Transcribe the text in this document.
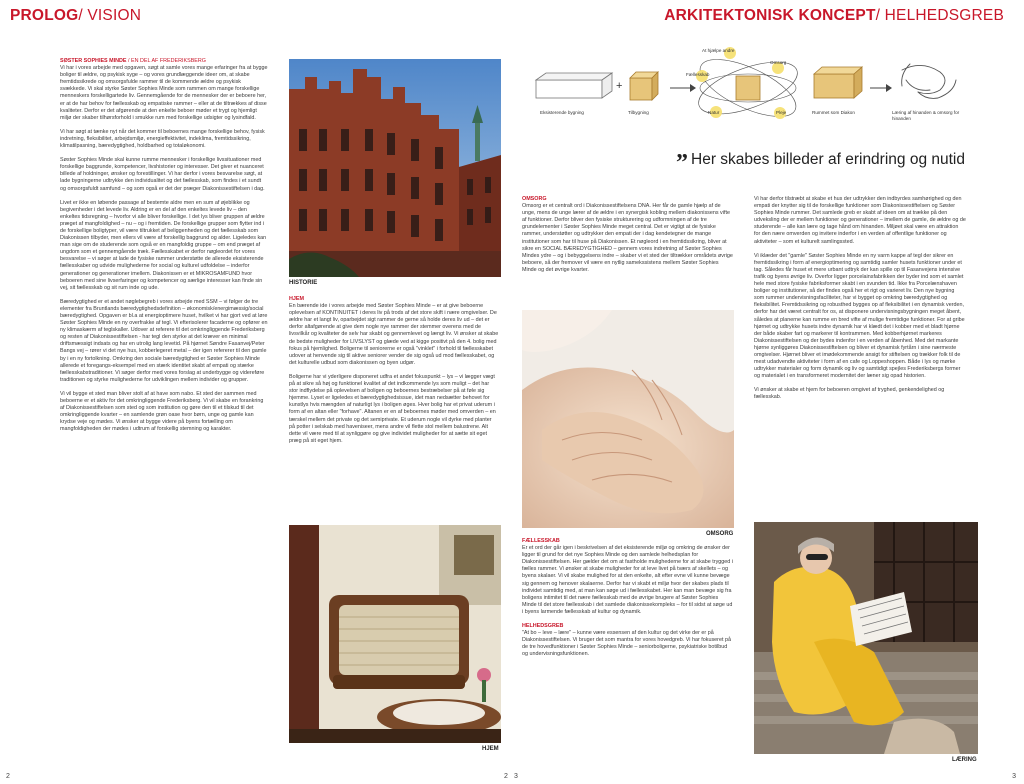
PROLOG/ VISION	ARKITEKTONISK KONCEPT/ HELHEDSGREB

SØSTER SOPHIES MINDE / EN DEL AF FREDERIKSBERG
Vi har i vores arbejde med opgaven, søgt at samle vores mange erfaringer fra at bygge boliger til ældre, og psykisk syge – og vores grundlæggende ideer om, at skabe fremtidssikrede og omsorgsfulde rammer til de kommende ældre og psykisk svækkede. Vi skal styrke Søster Sophies Minde som rammen om mange forskellige menneskers forskelligartede liv. Gennemgående for de mennesker der er beboere her, er at de har behov for fællesskab og empatiske rammer – eller at de tiltrækkes af disse kvaliteter. Derfor er det afgørende at den enkelte beboer møder et trygt og hjemligt miljø der skaber tilhørsforhold i smukke rum med forskellige udsigter og lysindfald.

Vi har søgt at tænke nyt når det kommer til beboernes mange forskellige behov, fysisk indretning, fleksibilitet, arbejdsmiljø, energieffektivitet, indeklima, fremtidssikring, klimatilpasning, bæredygtighed, holdbarhed og totaløkonomi.

Søster Sophies Minde skal kunne rumme mennesker i forskellige livssituationer med forskellige baggrunde, kompetencer, livshistorier og interesser. Det giver et nuanceret billede af holdninger, ønsker og forestillinger. Vi har derfor i vores besvarelse søgt, at lade bygningerne udtrykke den individualitet og det fællesskab, som findes i et sundt og omsorgsfuldt samfund – og som også er det der præger Diakonissestiftelsen i dag.

Livet er ikke en løbende passage af bestemte aldre men en sum af øjeblikke og begivenheder i det levede liv. Aldring er en del af den enkeltes levede liv – den enkeltes tidsregning – hvorfor vi alle bliver forskellige. I det lys bliver gruppen af ældre præget af mangfoldighed – nu – og i fremtiden. De forskellige grupper som flytter ind i de forskellige boligtyper, vil være tiltrukket af beliggenheden og det fællesskab som Diakonissen tilbyder, men ellers vil være af forskellig baggrund og alder. Ligeledes kan man sige om de studerende som også er en mangfoldig gruppe – om end præget af ungdom som et gennemgående træk. Fællesskabet er derfor nøgleordet for vores besvarelse – vi søger at lade de fysiske rammer understøtte de allerede eksisterende fællesskaber og udvide mulighederne for social og kulturel udfoldelse – inderfor generationer og generationer imellem. Diakonissen er et MIKROSAMFUND hvor beboeren med sine livserfaringer og kompetencer og særlige interesser kan finde sin vej, sit fællesskab og sit rum inde og ude.

Bæredygtighed er et andet nøglebegreb i vores arbejde med SSM – vi følger de tre elementer fra Bruntlands bæredygtighedsdefinition – økonomisk/energimæssig/social bæredygtighed. Opgaven er bl.a at energioptimere huset, hvilket vi har gjort ved at løre Søster Sophies Minde en ny overfrakke af tegl. Vi efterisolerer facaderne og opfører en ny klimaskærm af teglskaller. Udover at referere til det omkringliggende Frederiksberg og resten af Diakonissestiftelsen - har tegl den styrke at det kræver en minimal driftsmæssigt indsats og har en utrolig lang levetid. På hjørnet Søndre Fasanvej/Peter Bangs vej – rører vi det nye hus, kobberlegeret metal – der igen refererer til den gamle by i en ny fortolkning. Omkring den sociale bæredygtighed er Søster Sophies Minde allerede et foregangs-eksempel med en stærk identitet skabt af empati og stærke fællesskabstraditioner. Vi søger derfor med vores forslag at underbygge og videreføre traditionen og styrke mulighederne for udviklingen mellem individer og grupper.

Vi vil bygge et sted man bliver stolt af at have som nabo. Et sted der sammen med beboerne er et aktiv for det omkringliggende Frederiksberg. Vi vil skabe en forankring af Diakonissestiftelsen som sted og som institution og gøre den til et tilskud til det omkringliggende kvarter – en samlende grøn oase hvor børn, unge og gamle kan krydse veje og mødes. Vi ønsker at bygge videre på byens fortælling om mangfoldigheden der mødes i udtrum af forskellig stemning og karakter.

HISTORIE

HJEM
En bærende ide i vores arbejde med Søster Sophies Minde – er at give beboerne oplevelsen af KONTINUITET i deres liv på trods af det store skift i nære omgivelser. De ældre har et langt liv, oparbejdet sigt rammer de gerne så holde deres liv ud – det er derfor altafgørende at give dem nogle nye rammer der stemmer overens med de livsvilkår og kvaliteter de selv har skabt og gennemlevet og længt liv. Vi ønsker at skabe de bedste muligheder for LIVSLYST og glæde ved at kigge positivt på den 4. bolig med fokus på hjemlighed. Boligerne til seniorerne er også "vinklet" i forhold til fællesskabet udover at henvende sig til aktive seniorer vender de sig også ud mod fællesskabet, og det kulturelle udbud som diakonissen og byen udgør.

Boligerne har vi yderligere disponeret udfra et andet fokuspunkt – lys – vi lægger vægt på at sikre så høj og funktionel kvalitet af det indkommende lys som muligt – det har stor indflydelse på oplevelsen af boligen og beboernes bestræbelser på at føle sig hjemme. Lyset er ligeledes et bæredygtighedsissue, idet man nedsætter behovet for kunstlys hvis mængden af naturligt lys i boligen øges. Hver bolig har et privat uderum i form af en altan eller "forhave". Altanen er en af beboernes møder med omverden – en tærskel mellem det private og det semiprivate. Et uderum nogle vil dyrke med planter på potter i selskab med haveniseer, mens andre vil flette stol mellem balustrene. Alt dette vil være med til at synliggøre og give individet muligheder for at sætte sit eget præg på sit eget hjem.

HJEM
Eksisterende bygning
+
Tilbygning
At hjælpe andre
Omsorg
Fællesskab
Natur	Pleje	Rummet som Diakon	Læring af hinanden & omsorg for hinanden
” Her skabes billeder af erindring og nutid

OMSORG
Omsorg er et centralt ord i Diakonissestiftelsens DNA. Her får de gamle hjælp af de unge, mens de unge lærer af de ældre i en synergisk kobling mellem diakonissens vifte af funktioner. Derfor bliver den fysiske strukturering og udformningen af de tre grundelementer i Søster Sophies Minde meget central. Det er vigtigt at de fysiske rammer, understøtter og udtrykker den empati der i dag kendetegner de mange institutioner som har til huse på Diakonissen. Et nøgleord i en fremtidssikring, bliver at sikre en SOCIAL BÆREDYGTIGHED – gennem vores indretning af Søster Sophies Mindes ydre – og i bebyggelsens indre – skaber vi et sted der tiltrækker områdets øvrige beboere, så der fremover vil være en nytlig samekssistens mellem Søster Sophies Minde og det øvrige kvarter.

OMSORG

FÆLLESSKAB
Er et ord der går igen i beskrivelsen af det eksisterende miljø og omkring de ønsker der ligger til grund for det nye Sophies Minde og den samlede helhedsplan for Diakonissestiftelsen. Her gælder det om at fastholde mulighederne for at skabe trygged i fælles rammer. Vi ønsker at skabe muligheder for at leve livet på tværs af skellets – og byens skalaer. Vi vil skabe mulighed for at den enkelte, alt efter evne vil kunne bevæge sig gennem og henover skalaerne. Derfor har vi skabt et miljø hvor der skabes plads til individet samtidig med, at man kan søge ud i fællesskabet. Her kan man bevæge sig fra boligens intimitet til det nære fællesskab med de øvrige brugere af Søster Sophies Minde til det store fællesskab i det samlede diakonissekompleks – for til sidst at søge ud i byens larmende fællesskab af kultur og dynamik.

HELHEDSGREB
"At bo – leve – lære" – kunne være essensen af den kultur og det virke der er på Diakonissestiftelsen. Vi bruger det som mantra for vores hovedgreb. Vi har fokuseret på de tre hovedfunktioner i Søster Sophies Minde – seniorboligerne, psykiatriske botilbud og undervisningsfunktionen.

Vi har derfor tilstræbt at skabe et hus der udtrykker den indbyrdes samhørighed og den empati der knytter sig til de forskellige funktioner som Diakonissestiftelsen og Søster Sophies Minde rummer. Det samlede greb er skabt af ideen om at trække på den udveksling der er mellem funktioner og generationer – imellem de gamle, de ældre og de studerende – alle kan lære og tage hånd om hinanden. Miljøet skal være en attraktion for den nære omverden og invitere inderfor i en verden af offentlige funktioner og aktiviteter – som et kulturelt samlingssted.

Vi iklæder det "gamle" Søster Sophies Minde en ny varm kappe af tegl der sikrer en fremtidssikring i form af energioptimering og samtidig samler husets funktioner under et tag. Således får huset et mere urbant udtryk der kan spille op til Fasanvejens intensive trafik og byens øvrige liv. Overfor ligger porcelainsfabrikken der byder ind som et samlet hele med store fysiske fabriksformer skabt i en svunden tid. Ikke fra Porcelænshaven boliger og institutioner, så der findes også her et rigt og varieret liv. Den nye bygning som rummer undervisningsfaciliteter, har vi bygget op omkring bæredygtighed og fleksibilitet. Fremtidssikring og robusthed bygges op af fleksibilitet i en dynamisk verden, derfor har det været centralt for os, at disponere undervisningsbygningen meget åbent, således at planerne kan rumme en bred vifte af mulige fremtidige funktioner. For at gribe hjørnet og udtrykke husets indre dynamik har vi klædt det i kobber med et bladt hjørne der både skaber fart og markerer til kontrammen. Med kobberhjørnet markeres Diakonissestiftelsen og der bydes indenfor i en verden af åbenhed. Med det markante hjørne synliggøres Diakonissestiftelsen og bliver et dynamisk fyrtårn i sine nærmeste omgivelser. Hjørnet bliver et imødekommende ansigt for stiftelsen og trækker folk til de mest udadvendte aktiviteter i form af en cafe og Loppeshoppen. Både i lys og mørke udtrykker materialer og form dynamik og liv og samtidigt spejles Frederiksbergs former og materialet i en transformeret modernitet der læner sig opad historien.

Vi ønsker at skabe et hjem for beboeren omgivet af tryghed, genkendelighed og fællesskab.

LÆRING
2	2 3	3
